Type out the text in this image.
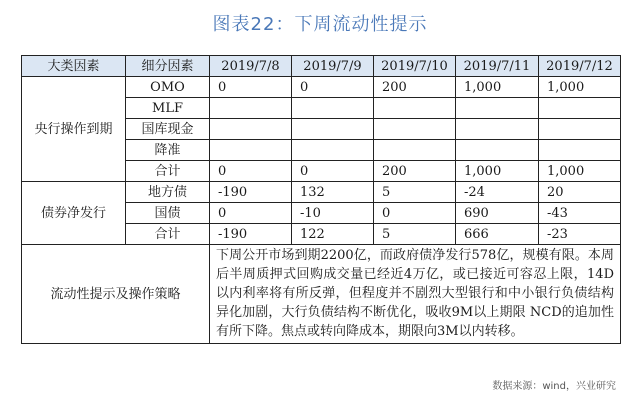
图表22：下周流动性提示
大类因素	细分因素	2019/7/8	2019/7/9	2019/7/10	2019/7/11	2019/7/12
央行操作到期	OMO	0	0	200	1,000	1,000
	MLF					
	国库现金					
	降准					
	合计	0	0	200	1,000	1,000
债券净发行	地方债	-190	132	5	-24	20
	国债	0	-10	0	690	-43
	合计	-190	122	5	666	-23
流动性提示及操作策略		下周公开市场到期2200亿，而政府债净发行578亿，规模有限。本周后半周质押式回购成交量已经近4万亿，或已接近可容忍上限，14D以内利率将有所反弹，但程度并不剧烈大型银行和中小银行负债结构异化加剧，大行负债结构不断优化，吸收9M以上期限 NCD的追加性有所下降。焦点或转向降成本，期限向3M以内转移。				
数据来源：wind，兴业研究
